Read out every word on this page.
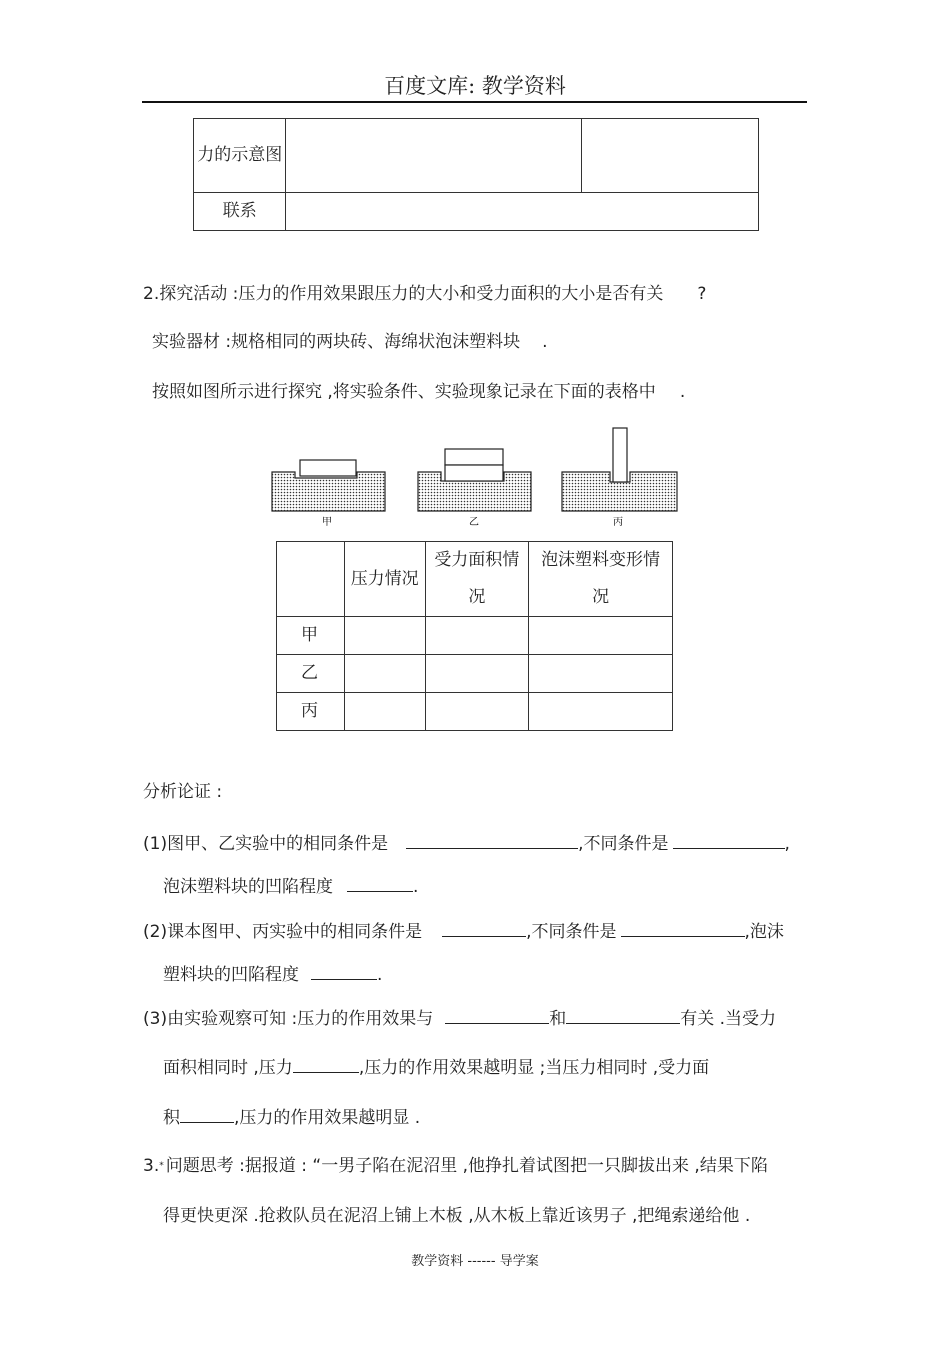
百度文库: 教学资料
力的示意图		
联系		
2.探究活动 :压力的作用效果跟压力的大小和受力面积的大小是否有关 ?
实验器材 :规格相同的两块砖、海绵状泡沫塑料块 .
按照如图所示进行探究 ,将实验条件、实验现象记录在下面的表格中 .
甲	乙	丙
	压力情况	受力面积情况	泡沫塑料变形情况
甲			
乙			
丙			
分析论证 :
(1)图甲、乙实验中的相同条件是	,不同条件是	,
泡沫塑料块的凹陷程度	.
(2)课本图甲、丙实验中的相同条件是	,不同条件是	,泡沫
塑料块的凹陷程度	.
(3)由实验观察可知 :压力的作用效果与	和	有关 .当受力
面积相同时 ,压力	,压力的作用效果越明显 ;当压力相同时 ,受力面
积	,压力的作用效果越明显 .
3.* 问题思考 :据报道 : “一男子陷在泥沼里 ,他挣扎着试图把一只脚拔出来 ,结果下陷
得更快更深 .抢救队员在泥沼上铺上木板 ,从木板上靠近该男子 ,把绳索递给他 .
教学资料 ------ 导学案
